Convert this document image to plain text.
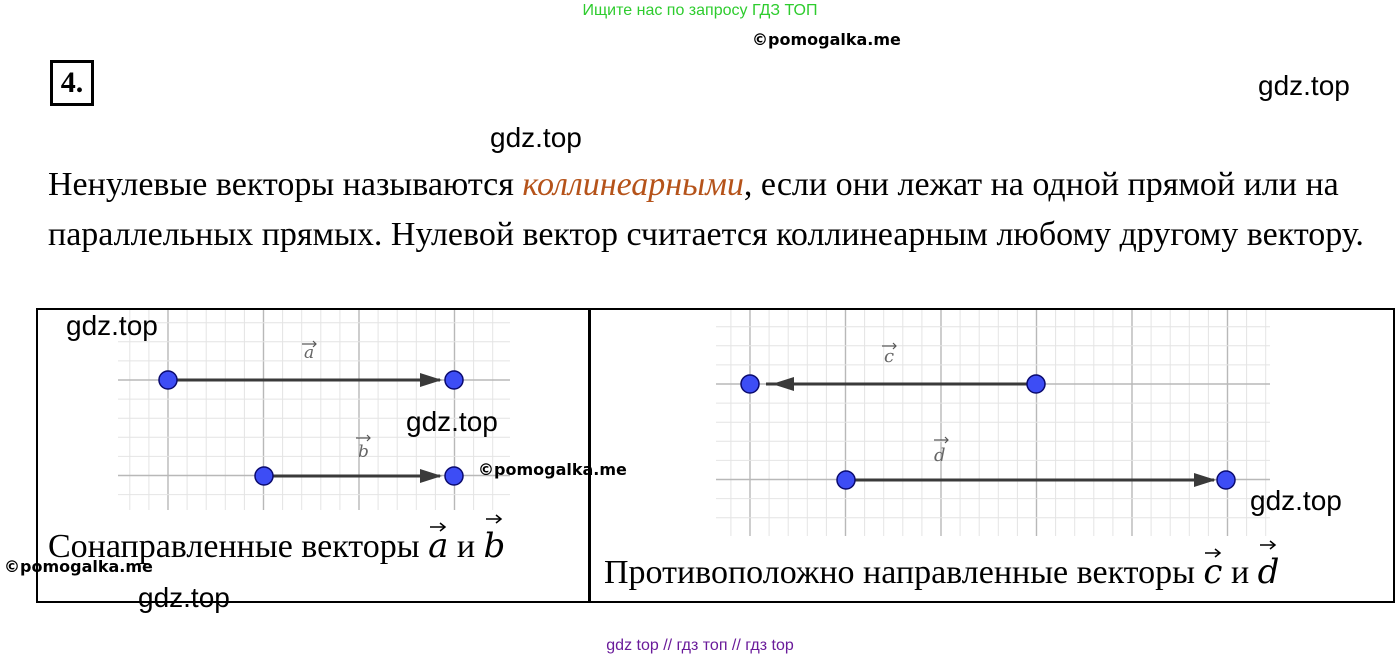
Ищите нас по запросу ГДЗ ТОП
©pomogalka.me
4.	gdz.top
gdz.top
Ненулевые векторы называются коллинеарными, если они лежат на одной прямой или на параллельных прямых. Нулевой вектор считается коллинеарным любому другому вектору.
a
b
Сонаправленные векторы
a и
b
c
d
Противоположно направленные векторы
c и
d
gdz.top
gdz.top
©pomogalka.me
gdz.top
©pomogalka.me
gdz.top
gdz top // гдз топ // гдз top
